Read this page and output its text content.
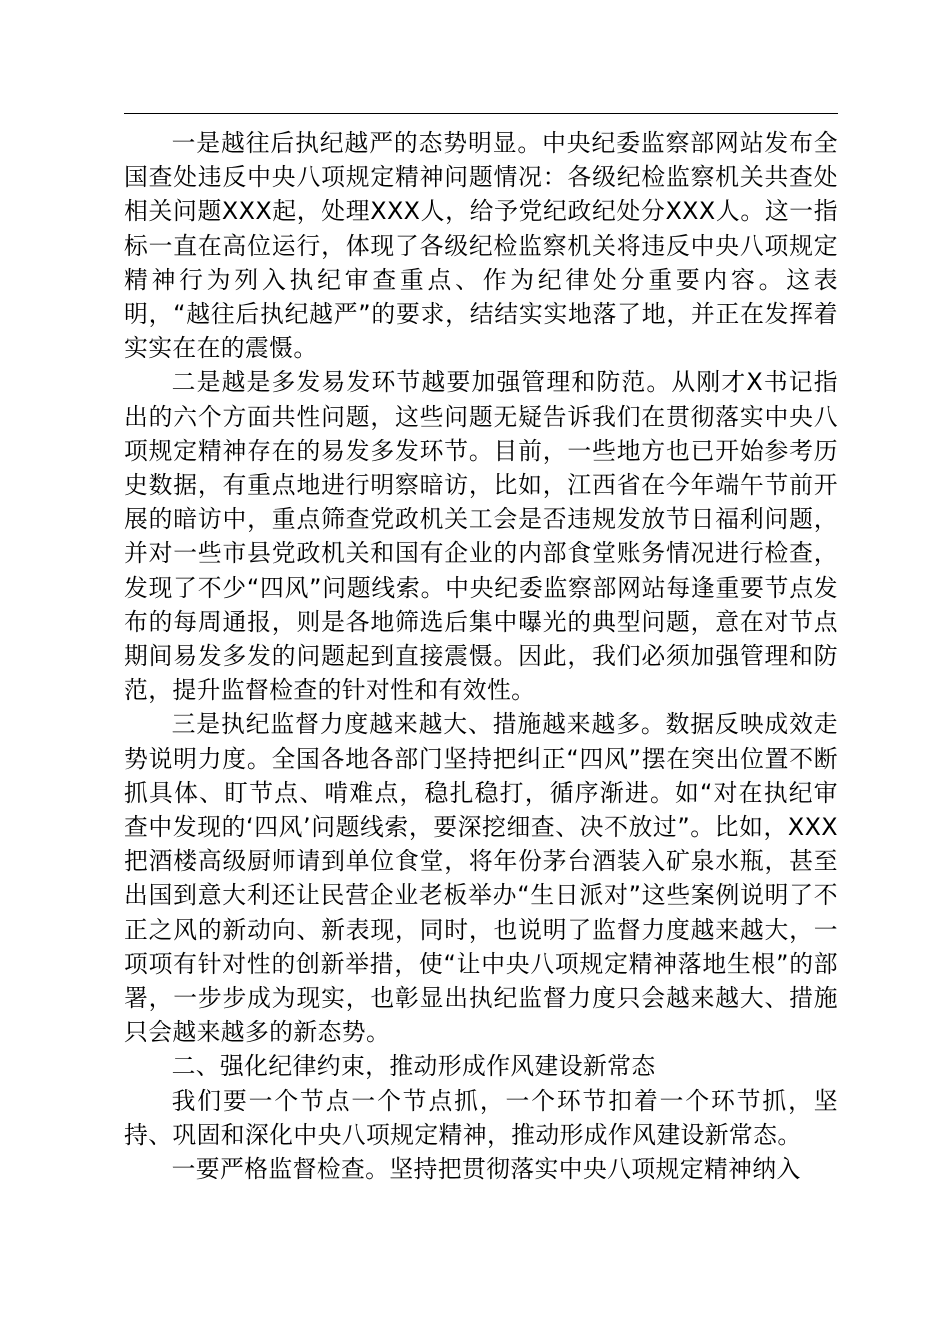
一是越往后执纪越严的态势明显。中央纪委监察部网站发布全国查处违反中央八项规定精神问题情况：各级纪检监察机关共查处相关问题XXX起，处理XXX人，给予党纪政纪处分XXX人。这一指标一直在高位运行，体现了各级纪检监察机关将违反中央八项规定精神行为列入执纪审查重点、作为纪律处分重要内容。这表明，“越往后执纪越严”的要求，结结实实地落了地，并正在发挥着实实在在的震慑。

二是越是多发易发环节越要加强管理和防范。从刚才X书记指出的六个方面共性问题，这些问题无疑告诉我们在贯彻落实中央八项规定精神存在的易发多发环节。目前，一些地方也已开始参考历史数据，有重点地进行明察暗访，比如，江西省在今年端午节前开展的暗访中，重点筛查党政机关工会是否违规发放节日福利问题，并对一些市县党政机关和国有企业的内部食堂账务情况进行检查，发现了不少“四风”问题线索。中央纪委监察部网站每逢重要节点发布的每周通报，则是各地筛选后集中曝光的典型问题，意在对节点期间易发多发的问题起到直接震慑。因此，我们必须加强管理和防范，提升监督检查的针对性和有效性。

三是执纪监督力度越来越大、措施越来越多。数据反映成效走势说明力度。全国各地各部门坚持把纠正“四风”摆在突出位置不断抓具体、盯节点、啃难点，稳扎稳打，循序渐进。如“对在执纪审查中发现的‘四风’问题线索，要深挖细查、决不放过”。比如，XXX把酒楼高级厨师请到单位食堂，将年份茅台酒装入矿泉水瓶，甚至出国到意大利还让民营企业老板举办“生日派对”这些案例说明了不正之风的新动向、新表现，同时，也说明了监督力度越来越大，一项项有针对性的创新举措，使“让中央八项规定精神落地生根”的部署，一步步成为现实，也彰显出执纪监督力度只会越来越大、措施只会越来越多的新态势。

二、强化纪律约束，推动形成作风建设新常态

我们要一个节点一个节点抓，一个环节扣着一个环节抓，坚持、巩固和深化中央八项规定精神，推动形成作风建设新常态。

一要严格监督检查。坚持把贯彻落实中央八项规定精神纳入
